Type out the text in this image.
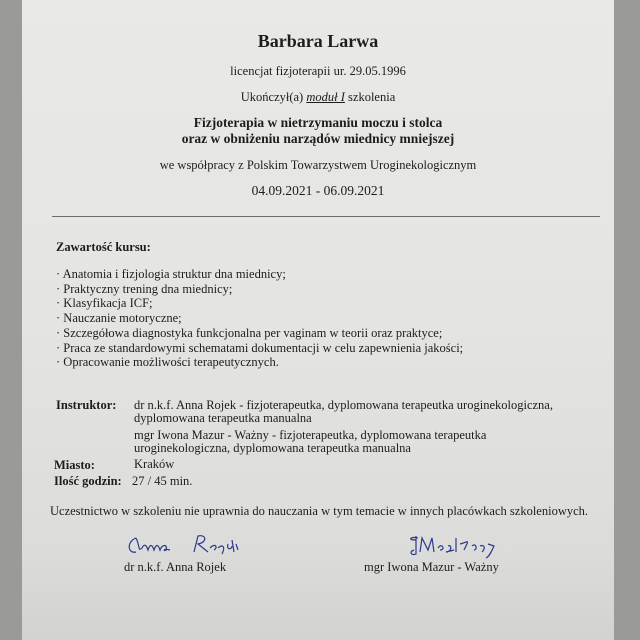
Barbara Larwa
licencjat fizjoterapii ur. 29.05.1996
Ukończył(a) moduł I szkolenia
Fizjoterapia w nietrzymaniu moczu i stolca
oraz w obniżeniu narządów miednicy mniejszej
we współpracy z Polskim Towarzystwem Uroginekologicznym
04.09.2021 - 06.09.2021
Zawartość kursu:
· Anatomia i fizjologia struktur dna miednicy;
· Praktyczny trening dna miednicy;
· Klasyfikacja ICF;
· Nauczanie motoryczne;
· Szczegółowa diagnostyka funkcjonalna per vaginam w teorii oraz praktyce;
· Praca ze standardowymi schematami dokumentacji w celu zapewnienia jakości;
· Opracowanie możliwości terapeutycznych.
Instruktor: dr n.k.f. Anna Rojek - fizjoterapeutka, dyplomowana terapeutka uroginekologiczna,
dyplomowana terapeutka manualna
mgr Iwona Mazur - Ważny - fizjoterapeutka, dyplomowana terapeutka
uroginekologiczna, dyplomowana terapeutka manualna
Miasto:	Kraków
Ilość godzin: 27 / 45 min.
Uczestnictwo w szkoleniu nie uprawnia do nauczania w tym temacie w innych placówkach szkoleniowych.
dr n.k.f. Anna Rojek	mgr Iwona Mazur - Ważny
